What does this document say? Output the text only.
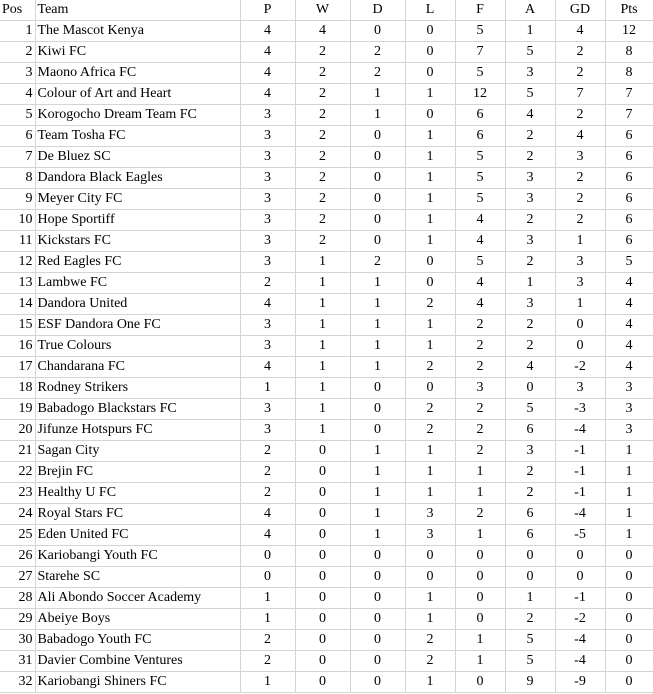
Pos	Team	P	W	D	L	F	A	GD	Pts
1	The Mascot Kenya	4	4	0	0	5	1	4	12
2	Kiwi FC	4	2	2	0	7	5	2	8
3	Maono Africa FC	4	2	2	0	5	3	2	8
4	Colour of Art and Heart	4	2	1	1	12	5	7	7
5	Korogocho Dream Team FC	3	2	1	0	6	4	2	7
6	Team Tosha FC	3	2	0	1	6	2	4	6
7	De Bluez SC	3	2	0	1	5	2	3	6
8	Dandora Black Eagles	3	2	0	1	5	3	2	6
9	Meyer City FC	3	2	0	1	5	3	2	6
10	Hope Sportiff	3	2	0	1	4	2	2	6
11	Kickstars FC	3	2	0	1	4	3	1	6
12	Red Eagles FC	3	1	2	0	5	2	3	5
13	Lambwe FC	2	1	1	0	4	1	3	4
14	Dandora United	4	1	1	2	4	3	1	4
15	ESF Dandora One FC	3	1	1	1	2	2	0	4
16	True Colours	3	1	1	1	2	2	0	4
17	Chandarana FC	4	1	1	2	2	4	-2	4
18	Rodney Strikers	1	1	0	0	3	0	3	3
19	Babadogo Blackstars FC	3	1	0	2	2	5	-3	3
20	Jifunze Hotspurs FC	3	1	0	2	2	6	-4	3
21	Sagan City	2	0	1	1	2	3	-1	1
22	Brejin FC	2	0	1	1	1	2	-1	1
23	Healthy U FC	2	0	1	1	1	2	-1	1
24	Royal Stars FC	4	0	1	3	2	6	-4	1
25	Eden United FC	4	0	1	3	1	6	-5	1
26	Kariobangi Youth FC	0	0	0	0	0	0	0	0
27	Starehe SC	0	0	0	0	0	0	0	0
28	Ali Abondo Soccer Academy	1	0	0	1	0	1	-1	0
29	Abeiye Boys	1	0	0	1	0	2	-2	0
30	Babadogo Youth FC	2	0	0	2	1	5	-4	0
31	Davier Combine Ventures	2	0	0	2	1	5	-4	0
32	Kariobangi Shiners FC	1	0	0	1	0	9	-9	0
